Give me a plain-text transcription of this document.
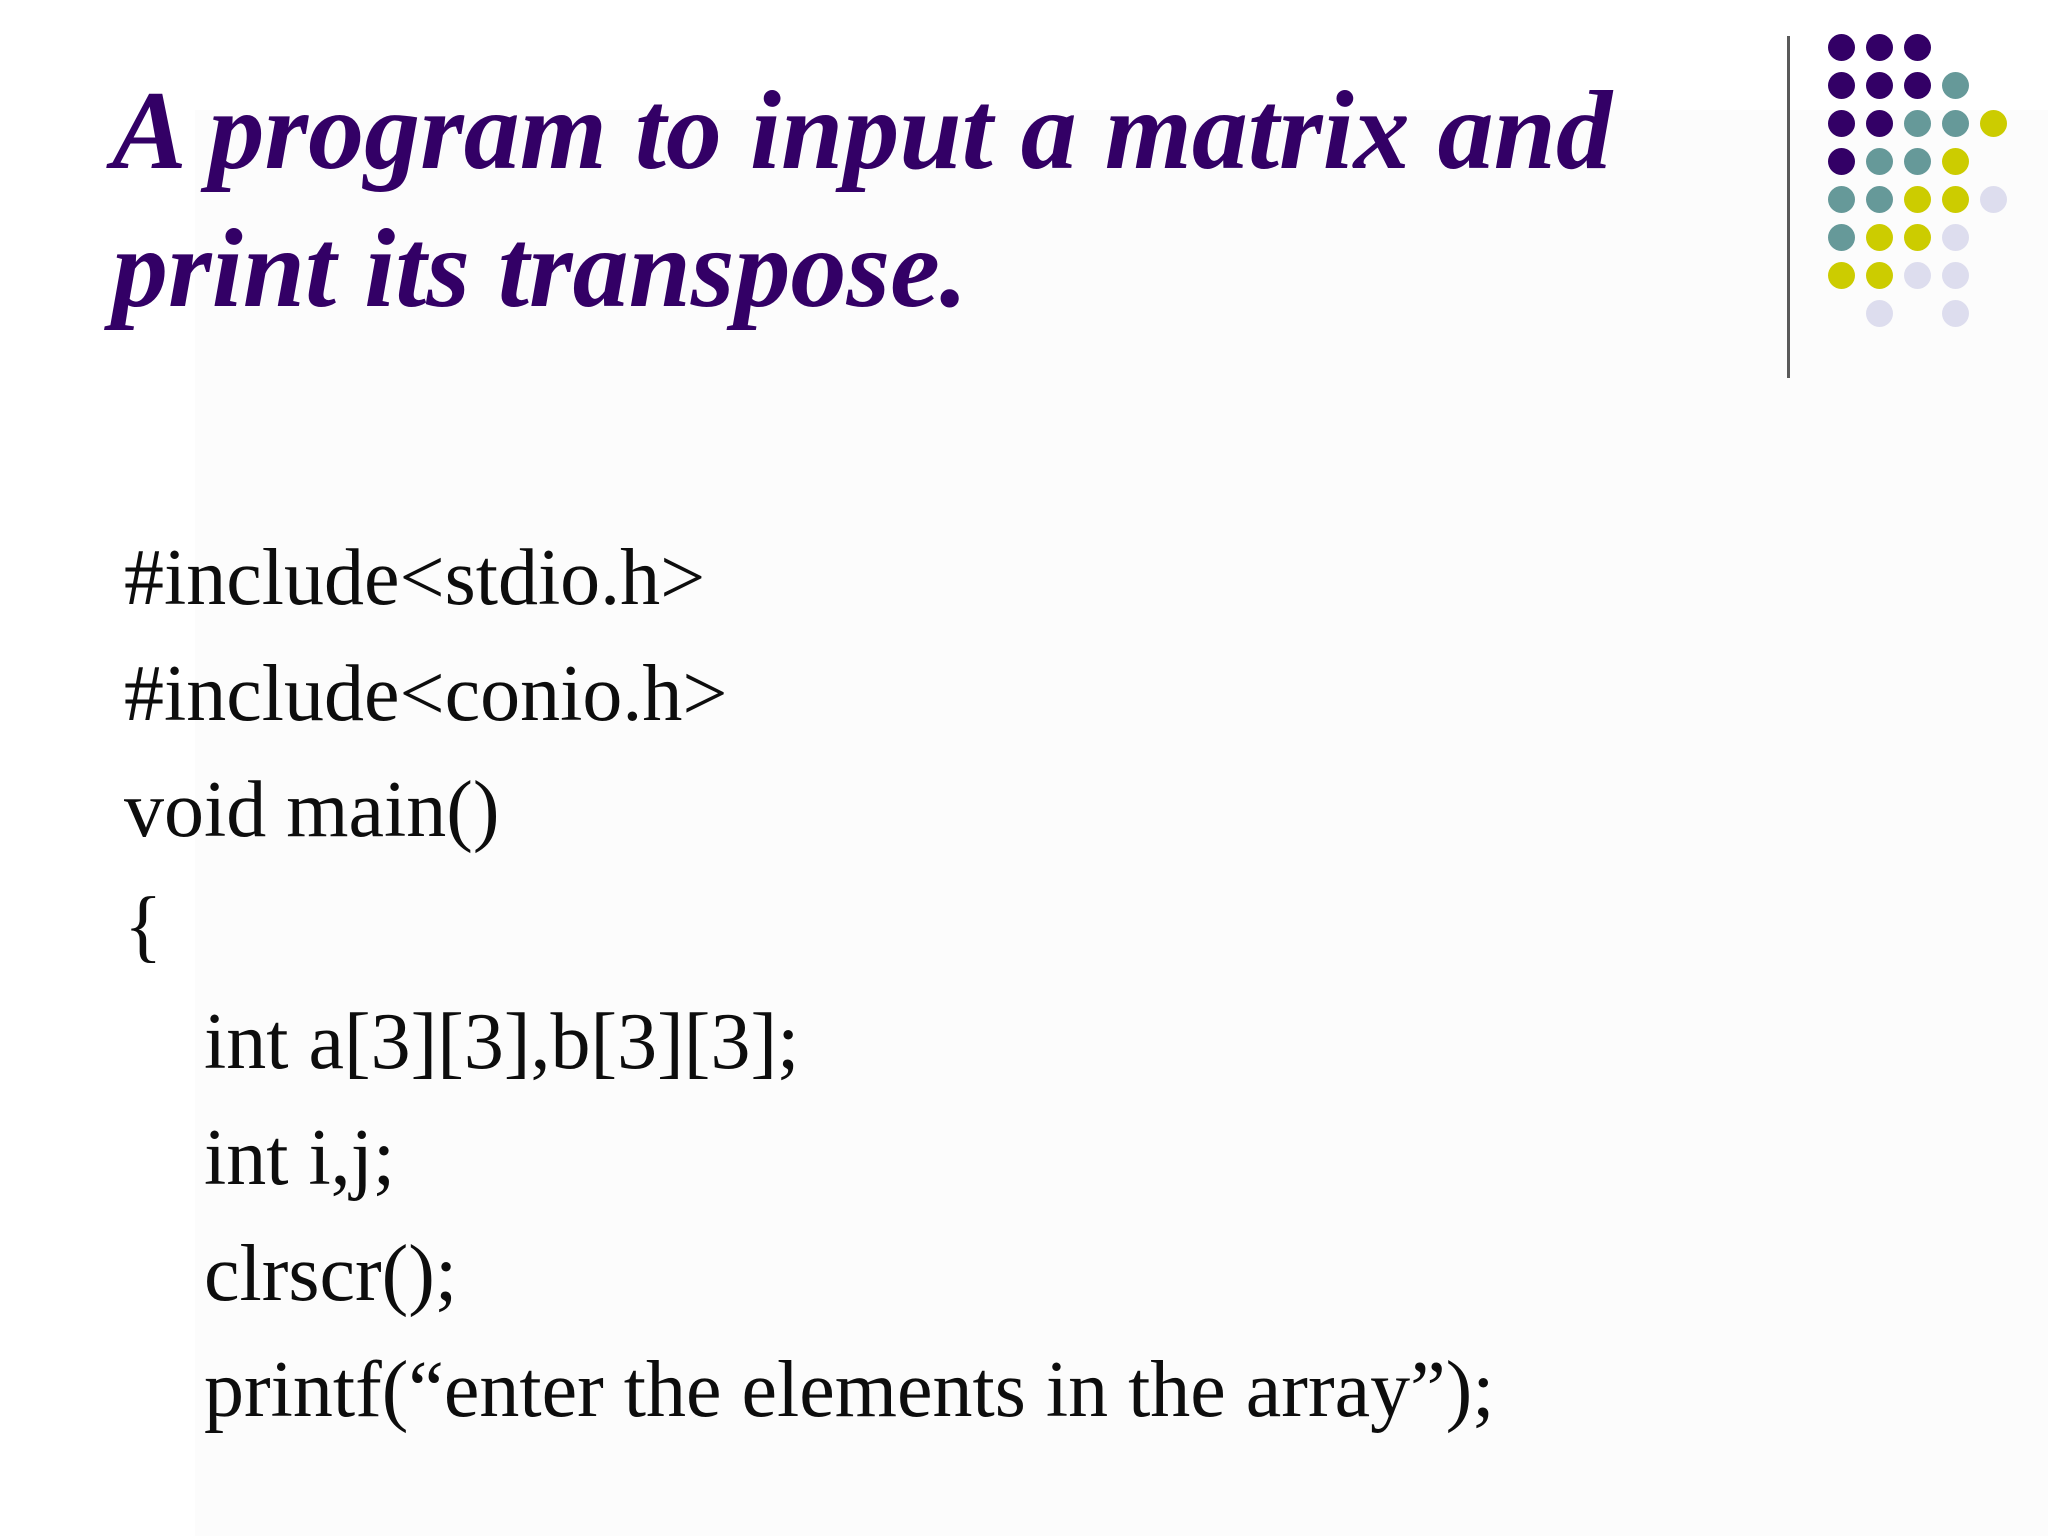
A program to input a matrix and
print its transpose.
#include<stdio.h>
#include<conio.h>
void main()
{
int a[3][3],b[3][3];
int i,j;
clrscr();
printf(“enter the elements in the array”);
